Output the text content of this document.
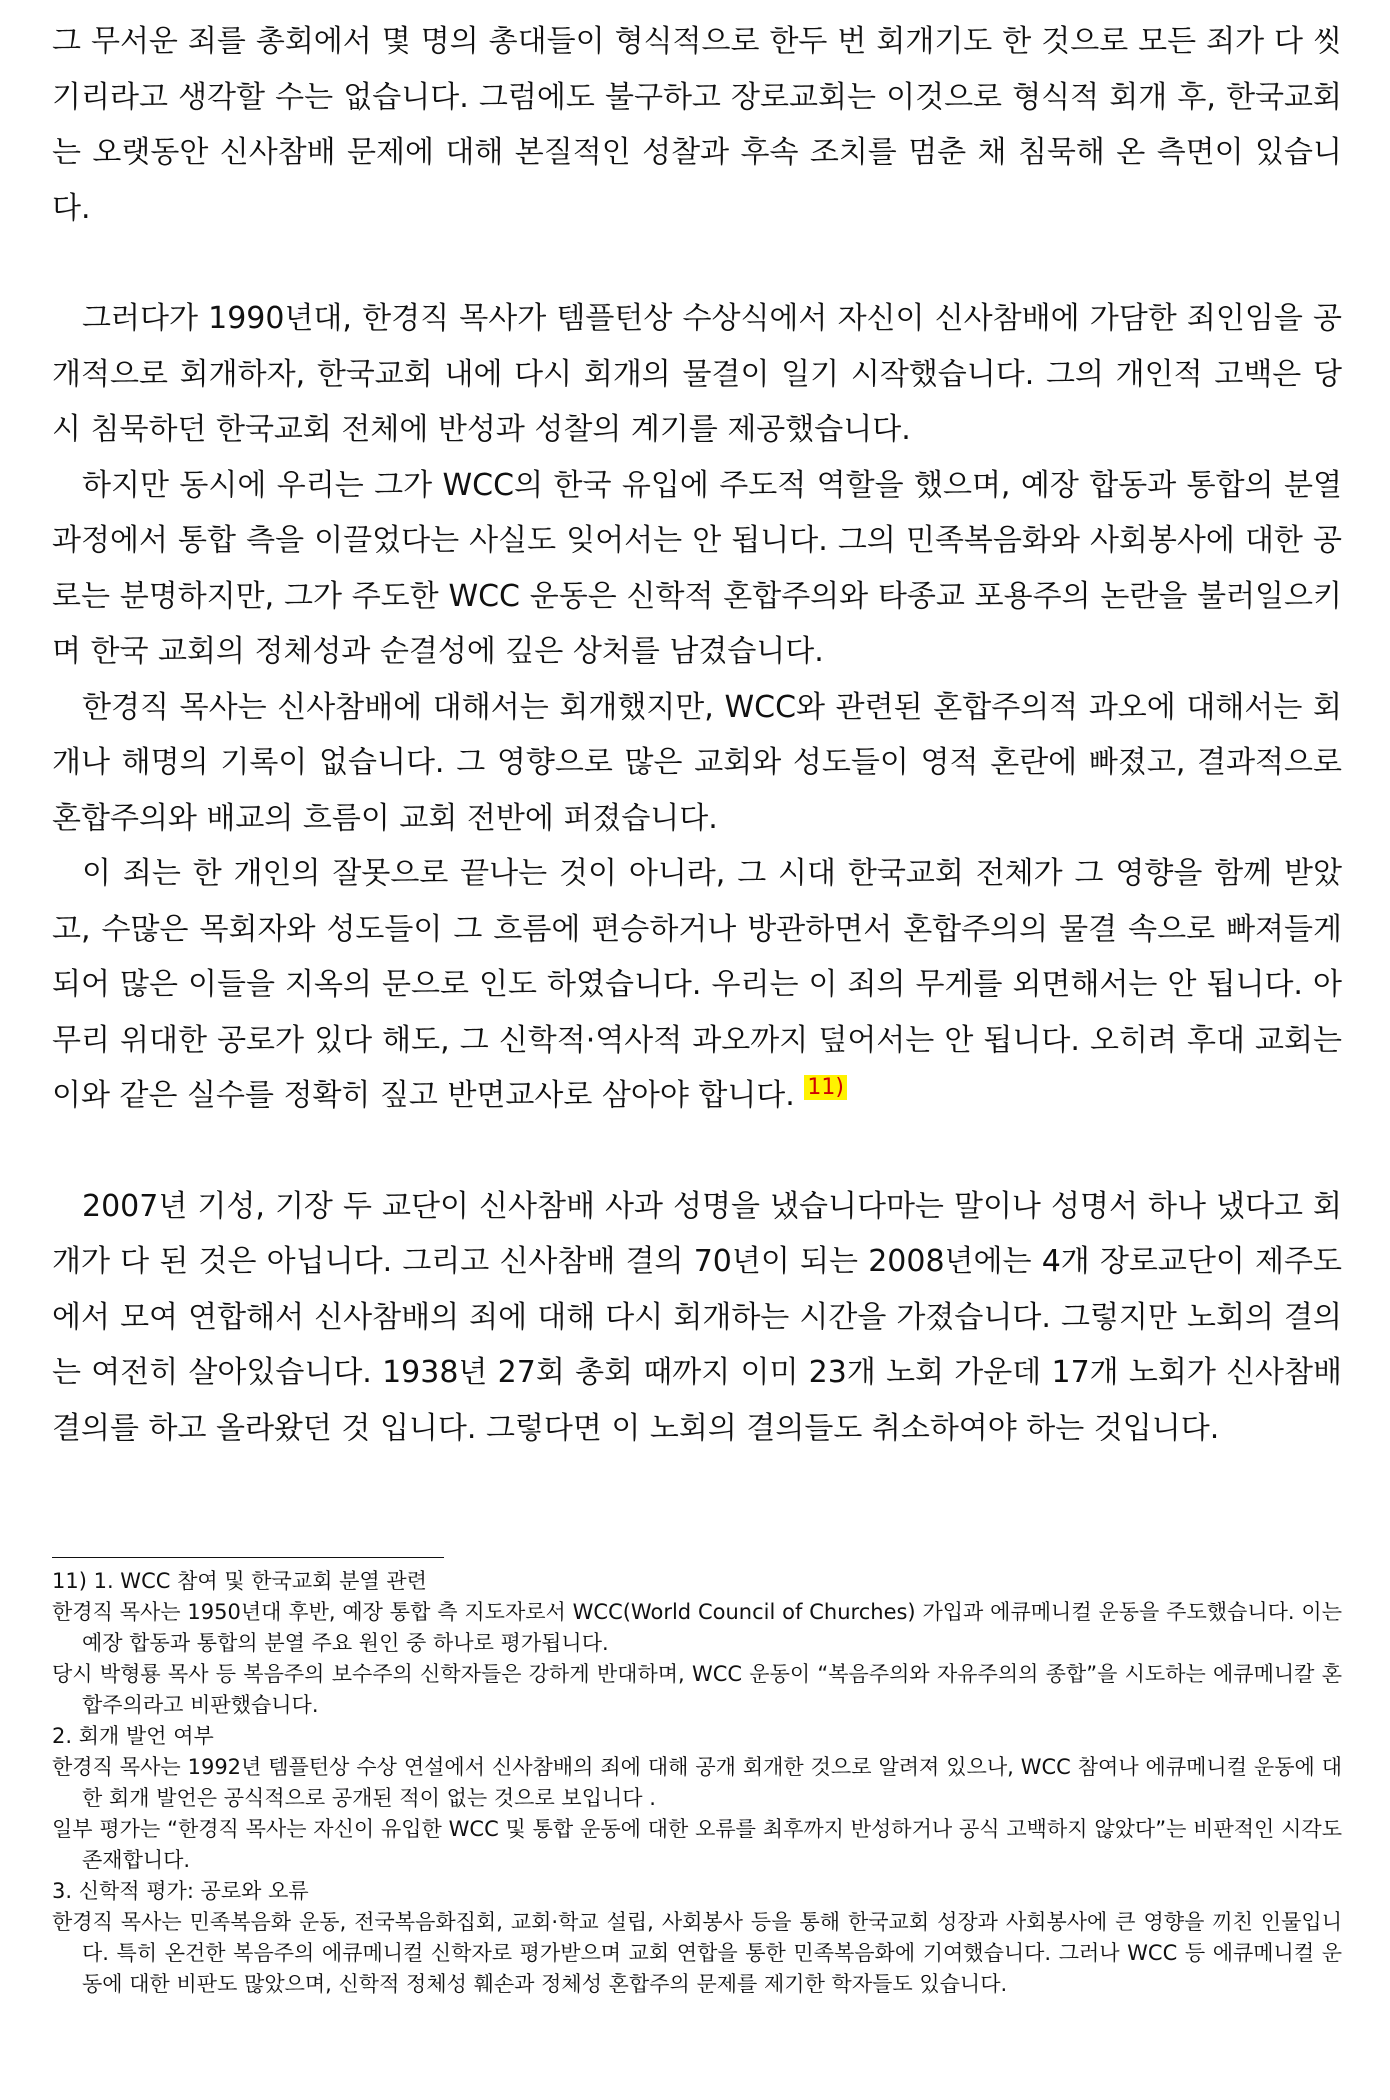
그 무서운 죄를 총회에서 몇 명의 총대들이 형식적으로 한두 번 회개기도 한 것으로 모든 죄가 다 씻기리라고 생각할 수는 없습니다. 그럼에도 불구하고 장로교회는 이것으로 형식적 회개 후, 한국교회는 오랫동안 신사참배 문제에 대해 본질적인 성찰과 후속 조치를 멈춘 채 침묵해 온 측면이 있습니다.

그러다가 1990년대, 한경직 목사가 템플턴상 수상식에서 자신이 신사참배에 가담한 죄인임을 공개적으로 회개하자, 한국교회 내에 다시 회개의 물결이 일기 시작했습니다. 그의 개인적 고백은 당시 침묵하던 한국교회 전체에 반성과 성찰의 계기를 제공했습니다.

하지만 동시에 우리는 그가 WCC의 한국 유입에 주도적 역할을 했으며, 예장 합동과 통합의 분열 과정에서 통합 측을 이끌었다는 사실도 잊어서는 안 됩니다. 그의 민족복음화와 사회봉사에 대한 공로는 분명하지만, 그가 주도한 WCC 운동은 신학적 혼합주의와 타종교 포용주의 논란을 불러일으키며 한국 교회의 정체성과 순결성에 깊은 상처를 남겼습니다.

한경직 목사는 신사참배에 대해서는 회개했지만, WCC와 관련된 혼합주의적 과오에 대해서는 회개나 해명의 기록이 없습니다. 그 영향으로 많은 교회와 성도들이 영적 혼란에 빠졌고, 결과적으로 혼합주의와 배교의 흐름이 교회 전반에 퍼졌습니다.

이 죄는 한 개인의 잘못으로 끝나는 것이 아니라, 그 시대 한국교회 전체가 그 영향을 함께 받았고, 수많은 목회자와 성도들이 그 흐름에 편승하거나 방관하면서 혼합주의의 물결 속으로 빠져들게 되어 많은 이들을 지옥의 문으로 인도 하였습니다. 우리는 이 죄의 무게를 외면해서는 안 됩니다. 아무리 위대한 공로가 있다 해도, 그 신학적·역사적 과오까지 덮어서는 안 됩니다. 오히려 후대 교회는 이와 같은 실수를 정확히 짚고 반면교사로 삼아야 합니다. $^{11)}$

2007년 기성, 기장 두 교단이 신사참배 사과 성명을 냈습니다마는 말이나 성명서 하나 냈다고 회개가 다 된 것은 아닙니다. 그리고 신사참배 결의 70년이 되는 2008년에는 4개 장로교단이 제주도에서 모여 연합해서 신사참배의 죄에 대해 다시 회개하는 시간을 가졌습니다. 그렇지만 노회의 결의는 여전히 살아있습니다. 1938년 27회 총회 때까지 이미 23개 노회 가운데 17개 노회가 신사참배 결의를 하고 올라왔던 것 입니다. 그렇다면 이 노회의 결의들도 취소하여야 하는 것입니다.

11) 1. WCC 참여 및 한국교회 분열 관련

한경직 목사는 1950년대 후반, 예장 통합 측 지도자로서 WCC(World Council of Churches) 가입과 에큐메니컬 운동을 주도했습니다. 이는 예장 합동과 통합의 분열 주요 원인 중 하나로 평가됩니다.

당시 박형룡 목사 등 복음주의 보수주의 신학자들은 강하게 반대하며, WCC 운동이 “복음주의와 자유주의의 종합”을 시도하는 에큐메니칼 혼합주의라고 비판했습니다.

2. 회개 발언 여부

한경직 목사는 1992년 템플턴상 수상 연설에서 신사참배의 죄에 대해 공개 회개한 것으로 알려져 있으나, WCC 참여나 에큐메니컬 운동에 대한 회개 발언은 공식적으로 공개된 적이 없는 것으로 보입니다 .

일부 평가는 “한경직 목사는 자신이 유입한 WCC 및 통합 운동에 대한 오류를 최후까지 반성하거나 공식 고백하지 않았다”는 비판적인 시각도 존재합니다.

3. 신학적 평가: 공로와 오류

한경직 목사는 민족복음화 운동, 전국복음화집회, 교회·학교 설립, 사회봉사 등을 통해 한국교회 성장과 사회봉사에 큰 영향을 끼친 인물입니다. 특히 온건한 복음주의 에큐메니컬 신학자로 평가받으며 교회 연합을 통한 민족복음화에 기여했습니다. 그러나 WCC 등 에큐메니컬 운동에 대한 비판도 많았으며, 신학적 정체성 훼손과 정체성 혼합주의 문제를 제기한 학자들도 있습니다.
